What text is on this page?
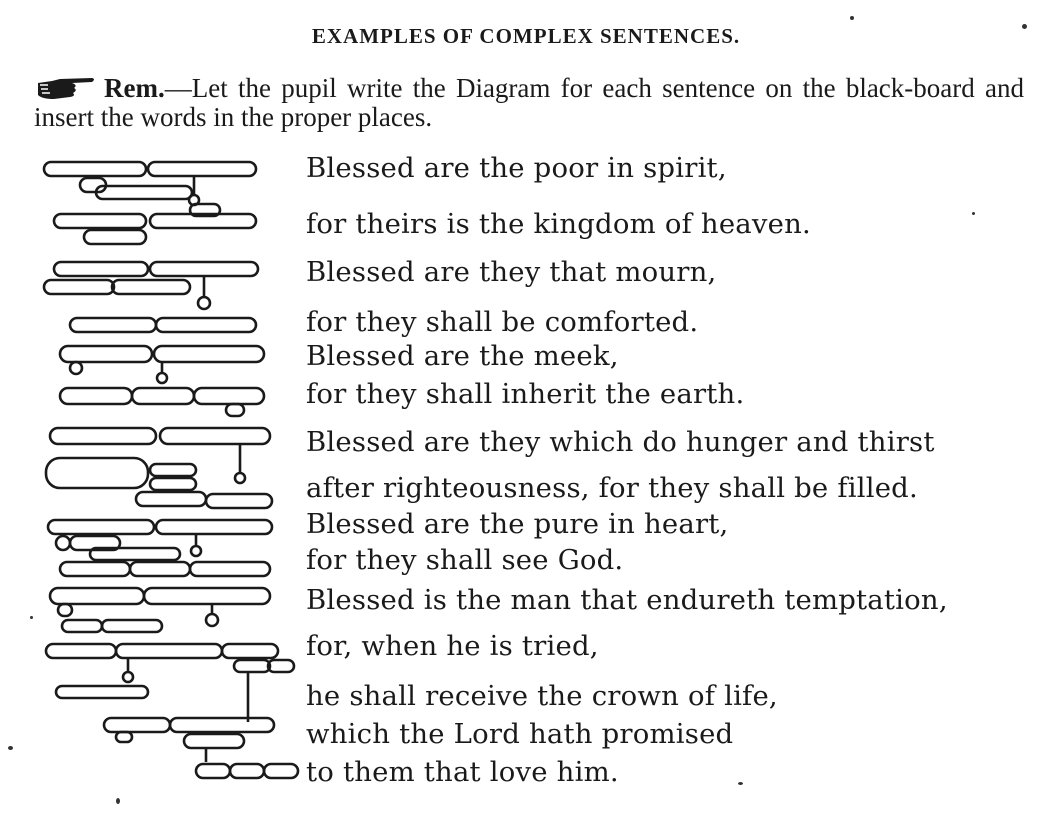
EXAMPLES OF COMPLEX SENTENCES.
Rem.—Let the pupil write the Diagram for each sentence on the black-board and insert the words in the proper places.
Blessed are the poor in spirit,
for theirs is the kingdom of heaven.
Blessed are they that mourn,
for they shall be comforted.
Blessed are the meek,
for they shall inherit the earth.
Blessed are they which do hunger and thirst
after righteousness, for they shall be filled.
Blessed are the pure in heart,
for they shall see God.
Blessed is the man that endureth temptation,
for, when he is tried,
he shall receive the crown of life,
which the Lord hath promised
to them that love him.
